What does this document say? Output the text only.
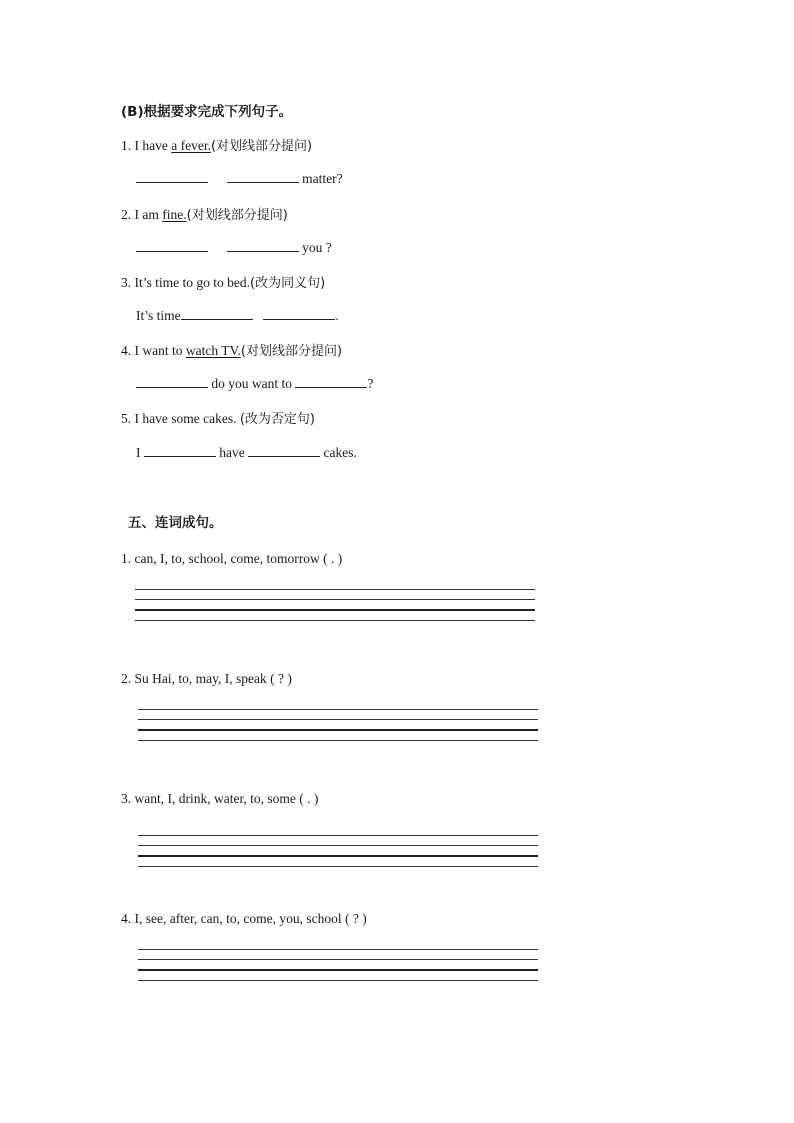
(B)根据要求完成下列句子。
1. I have a fever.(对划线部分提问)
matter?
2. I am fine.(对划线部分提问)
you ?
3. It’s time to go to bed.(改为同义句)
It’s time	.
4. I want to watch TV.(对划线部分提问)
do you want to	?
5. I have some cakes. (改为否定句)
I	have	cakes.
五、连词成句。
1. can, I, to, school, come, tomorrow ( . )
2. Su Hai, to, may, I, speak ( ? )
3. want, I, drink, water, to, some ( . )
4. I, see, after, can, to, come, you, school ( ? )
